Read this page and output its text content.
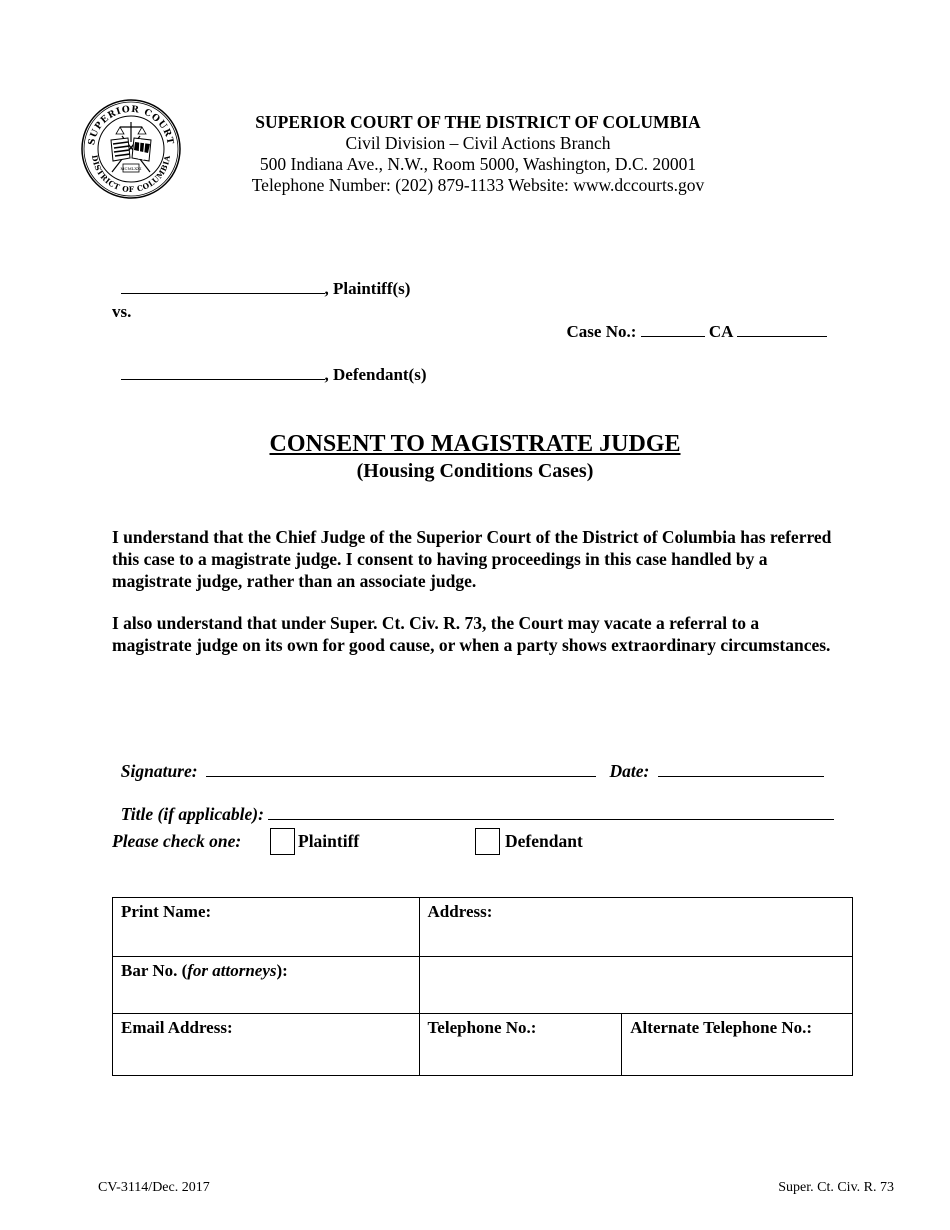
SUPERIOR COURT
DISTRICT OF COLUMBIA
MCMLXXI
SUPERIOR COURT OF THE DISTRICT OF COLUMBIA
Civil Division – Civil Actions Branch
500 Indiana Ave., N.W., Room 5000, Washington, D.C. 20001
Telephone Number: (202) 879-1133 Website: www.dccourts.gov

, Plaintiff(s)

vs.

Case No.:	CA

, Defendant(s)

CONSENT TO MAGISTRATE JUDGE
(Housing Conditions Cases)
I understand that the Chief Judge of the Superior Court of the District of Columbia has referred this case to a magistrate judge. I consent to having proceedings in this case handled by a magistrate judge, rather than an associate judge.
I also understand that under Super. Ct. Civ. R. 73, the Court may vacate a referral to a magistrate judge on its own for good cause, or when a party shows extraordinary circumstances.

Signature:	Date:

Title (if applicable):

Please check one:	Plaintiff	Defendant
Print Name:	Address:	
Bar No. (for attorneys):		
Email Address:	Telephone No.:	Alternate Telephone No.:
CV-3114/Dec. 2017	Super. Ct. Civ. R. 73
